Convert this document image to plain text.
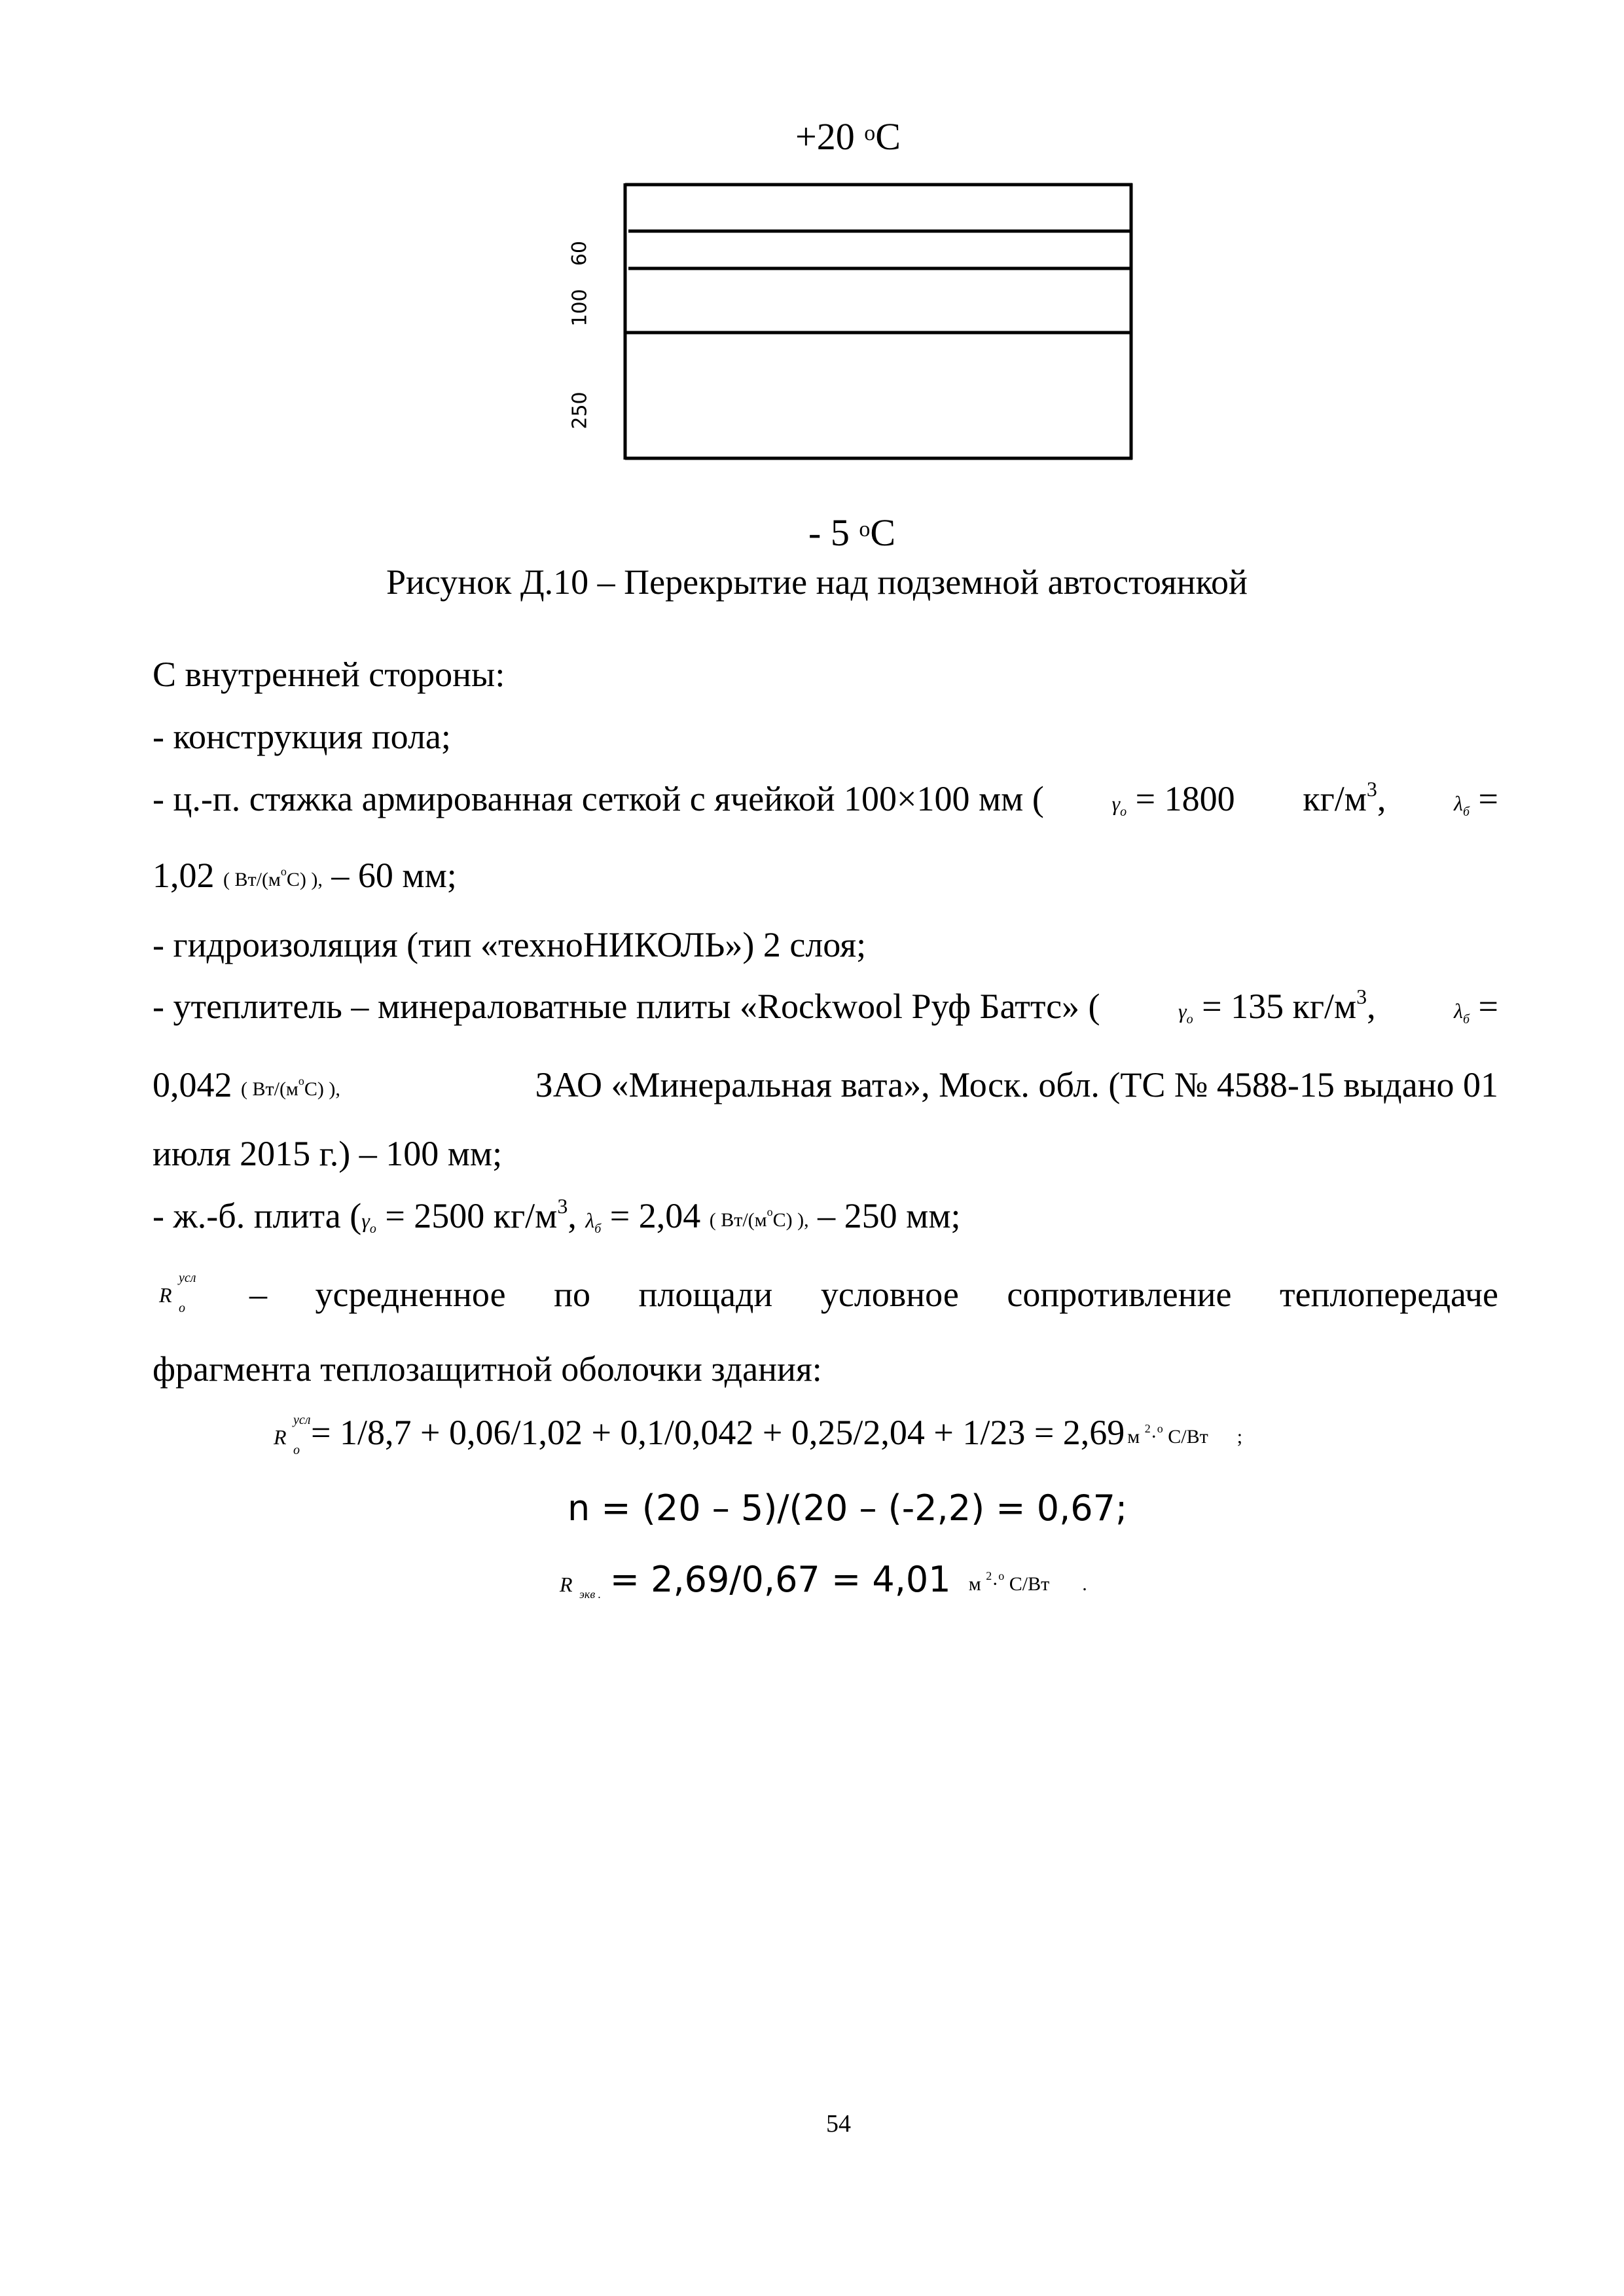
+20 $^o$C
60
100
250
- 5 $^o$C
Рисунок Д.10 – Перекрытие над подземной автостоянкой
С внутренней стороны:
- конструкция пола;
- ц.-п. стяжка армированная сеткой с ячейкой 100×100 мм (	$\gamma_о = 1800$ $кг/м^3$,	$\lambda_б$ =
1,02 ( $Вт/(м^оС)$ ), – 60 мм;
- гидроизоляция (тип «техноНИКОЛЬ») 2 слоя;
- утеплитель – минераловатные плиты «Rockwool Руф Баттс» (	$\gamma_о = 135$ $кг/м^3$,	$\lambda_б$ =
0,042 ( $Вт/(м^оС)$ ),	ЗАО «Минеральная вата», Моск. обл. (ТС № 4588-15 выдано 01
июля 2015 г.) – 100 мм;
- ж.-б. плита ($\gamma_о = 2500$ $кг/м^3$, $\lambda_б = 2,04$ ( $Вт/(м^оС)$ ), – 250 мм;
R
усл
о – усредненное по площади условное сопротивление теплопередаче
фрагмента теплозащитной оболочки здания:
R
усл
о = 1/8,7 + 0,06/1,02 + 0,1/0,042 + 0,25/2,04 + 1/23 = 2,69 м $^2$·$^о$ С/Вт ;
n = (20 – 5)/(20 – (-2,2) = 0,67;
R экв . = 2,69/0,67 = 4,01 м $^2$·$^о$ С/Вт .
54
